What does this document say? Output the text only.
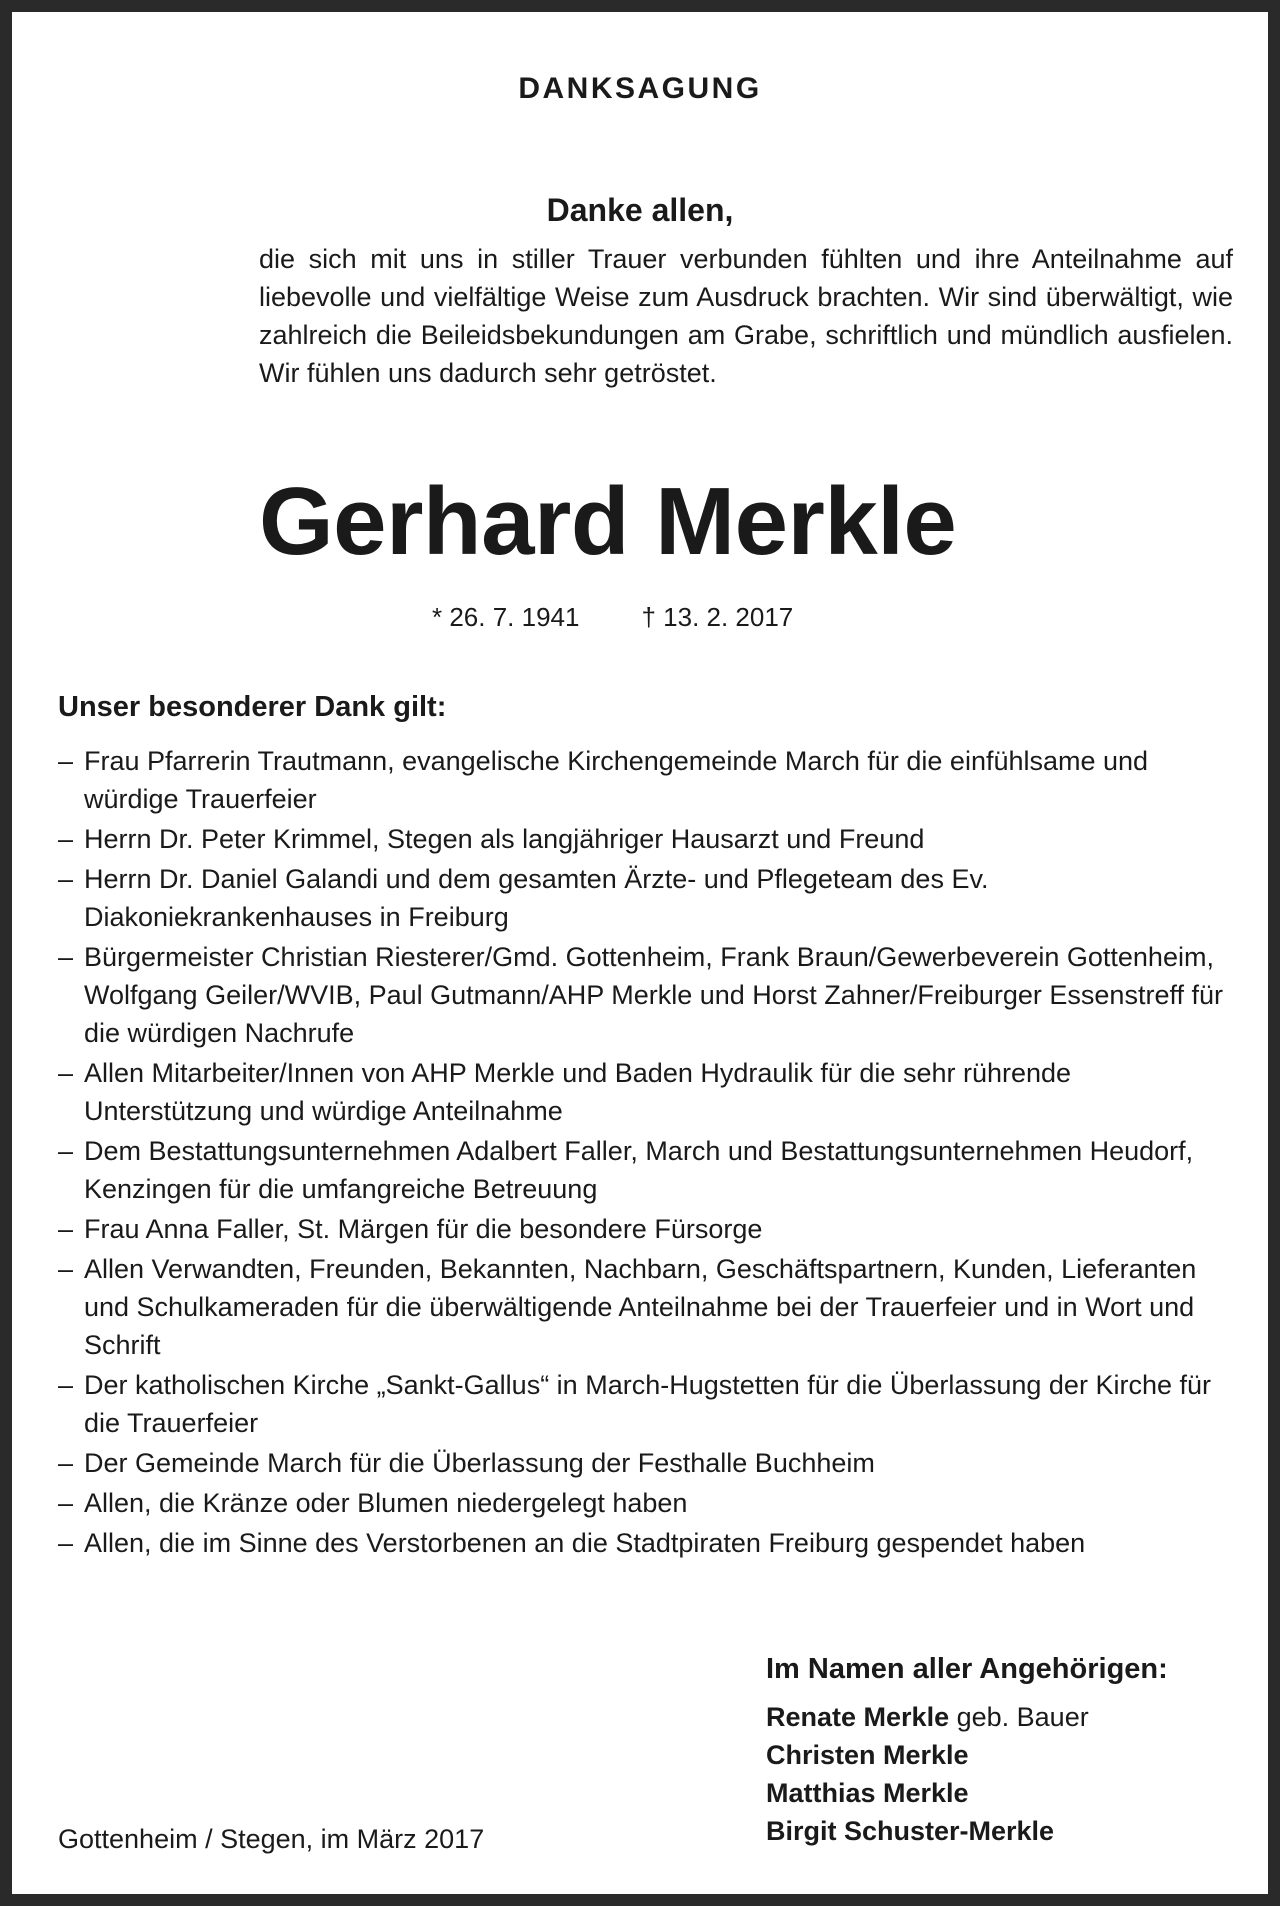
DANKSAGUNG
Danke allen,

die sich mit uns in stiller Trauer verbunden fühlten und ihre Anteilnahme auf liebevolle und vielfältige Weise zum Ausdruck brachten. Wir sind überwältigt, wie zahlreich die Beileidsbekundungen am Grabe, schriftlich und mündlich ausfielen. Wir fühlen uns dadurch sehr getröstet.

Gerhard Merkle
* 26. 7. 1941 † 13. 2. 2017
Unser besonderer Dank gilt:
– Frau Pfarrerin Trautmann, evangelische Kirchengemeinde March für die einfühlsame und würdige Trauerfeier
– Herrn Dr. Peter Krimmel, Stegen als langjähriger Hausarzt und Freund
– Herrn Dr. Daniel Galandi und dem gesamten Ärzte- und Pflegeteam des Ev. Diakoniekrankenhauses in Freiburg
– Bürgermeister Christian Riesterer/Gmd. Gottenheim, Frank Braun/Gewerbeverein Gottenheim, Wolfgang Geiler/WVIB, Paul Gutmann/AHP Merkle und Horst Zahner/Freiburger Essenstreff für die würdigen Nachrufe
– Allen Mitarbeiter/Innen von AHP Merkle und Baden Hydraulik für die sehr rührende Unterstützung und würdige Anteilnahme
– Dem Bestattungsunternehmen Adalbert Faller, March und Bestattungsunternehmen Heudorf, Kenzingen für die umfangreiche Betreuung
– Frau Anna Faller, St. Märgen für die besondere Fürsorge
– Allen Verwandten, Freunden, Bekannten, Nachbarn, Geschäftspartnern, Kunden, Lieferanten und Schulkameraden für die überwältigende Anteilnahme bei der Trauerfeier und in Wort und Schrift
– Der katholischen Kirche „Sankt-Gallus“ in March-Hugstetten für die Überlassung der Kirche für die Trauerfeier
– Der Gemeinde March für die Überlassung der Festhalle Buchheim
– Allen, die Kränze oder Blumen niedergelegt haben
– Allen, die im Sinne des Verstorbenen an die Stadtpiraten Freiburg gespendet haben
Im Namen aller Angehörigen:
Renate Merkle geb. Bauer
Christen Merkle
Matthias Merkle
Birgit Schuster-Merkle
Gottenheim / Stegen, im März 2017
